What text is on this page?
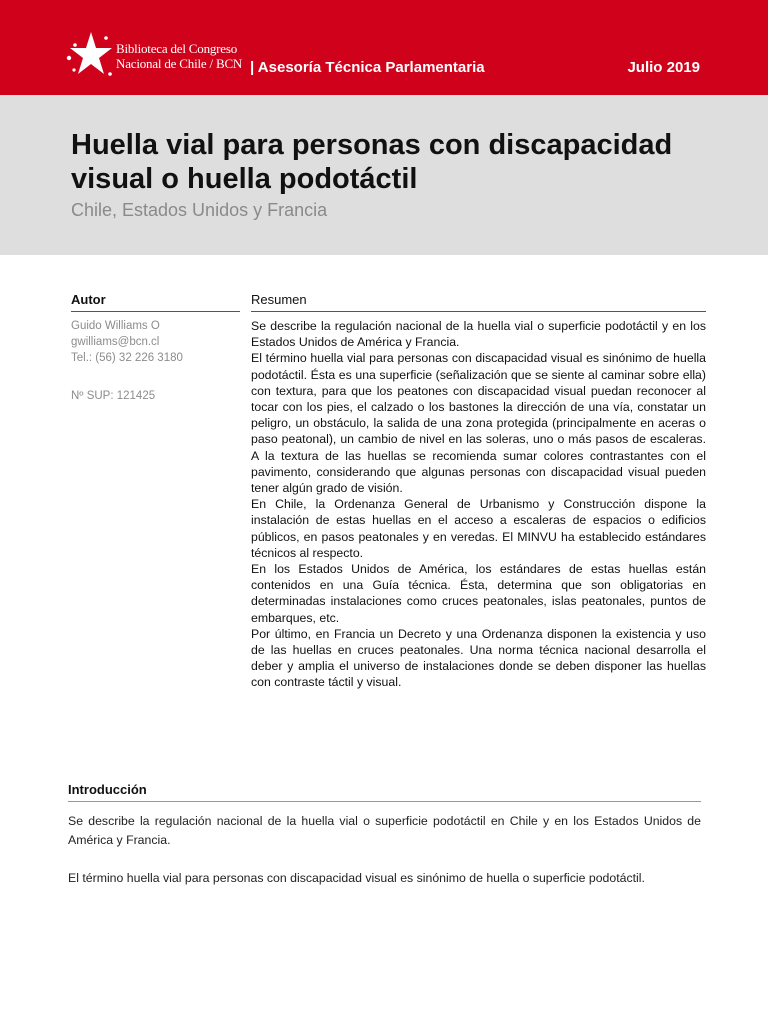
Biblioteca del Congreso
Nacional de Chile / BCN | Asesoría Técnica Parlamentaria	Julio 2019
Huella vial para personas con discapacidad visual o huella podotáctil
Chile, Estados Unidos y Francia
Autor
Guido Williams O
gwilliams@bcn.cl
Tel.: (56) 32 226 3180
Nº SUP: 121425
Resumen

Se describe la regulación nacional de la huella vial o superficie podotáctil y en los Estados Unidos de América y Francia.

El término huella vial para personas con discapacidad visual es sinónimo de huella podotáctil. Ésta es una superficie (señalización que se siente al caminar sobre ella) con textura, para que los peatones con discapacidad visual puedan reconocer al tocar con los pies, el calzado o los bastones la dirección de una vía, constatar un peligro, un obstáculo, la salida de una zona protegida (principalmente en aceras o paso peatonal), un cambio de nivel en las soleras, uno o más pasos de escaleras. A la textura de las huellas se recomienda sumar colores contrastantes con el pavimento, considerando que algunas personas con discapacidad visual pueden tener algún grado de visión.

En Chile, la Ordenanza General de Urbanismo y Construcción dispone la instalación de estas huellas en el acceso a escaleras de espacios o edificios públicos, en pasos peatonales y en veredas. El MINVU ha establecido estándares técnicos al respecto.

En los Estados Unidos de América, los estándares de estas huellas están contenidos en una Guía técnica. Ésta, determina que son obligatorias en determinadas instalaciones como cruces peatonales, islas peatonales, puntos de embarques, etc.

Por último, en Francia un Decreto y una Ordenanza disponen la existencia y uso de las huellas en cruces peatonales. Una norma técnica nacional desarrolla el deber y amplia el universo de instalaciones donde se deben disponer las huellas con contraste táctil y visual.

Introducción

Se describe la regulación nacional de la huella vial o superficie podotáctil en Chile y en los Estados Unidos de América y Francia.

El término huella vial para personas con discapacidad visual es sinónimo de huella o superficie podotáctil.
